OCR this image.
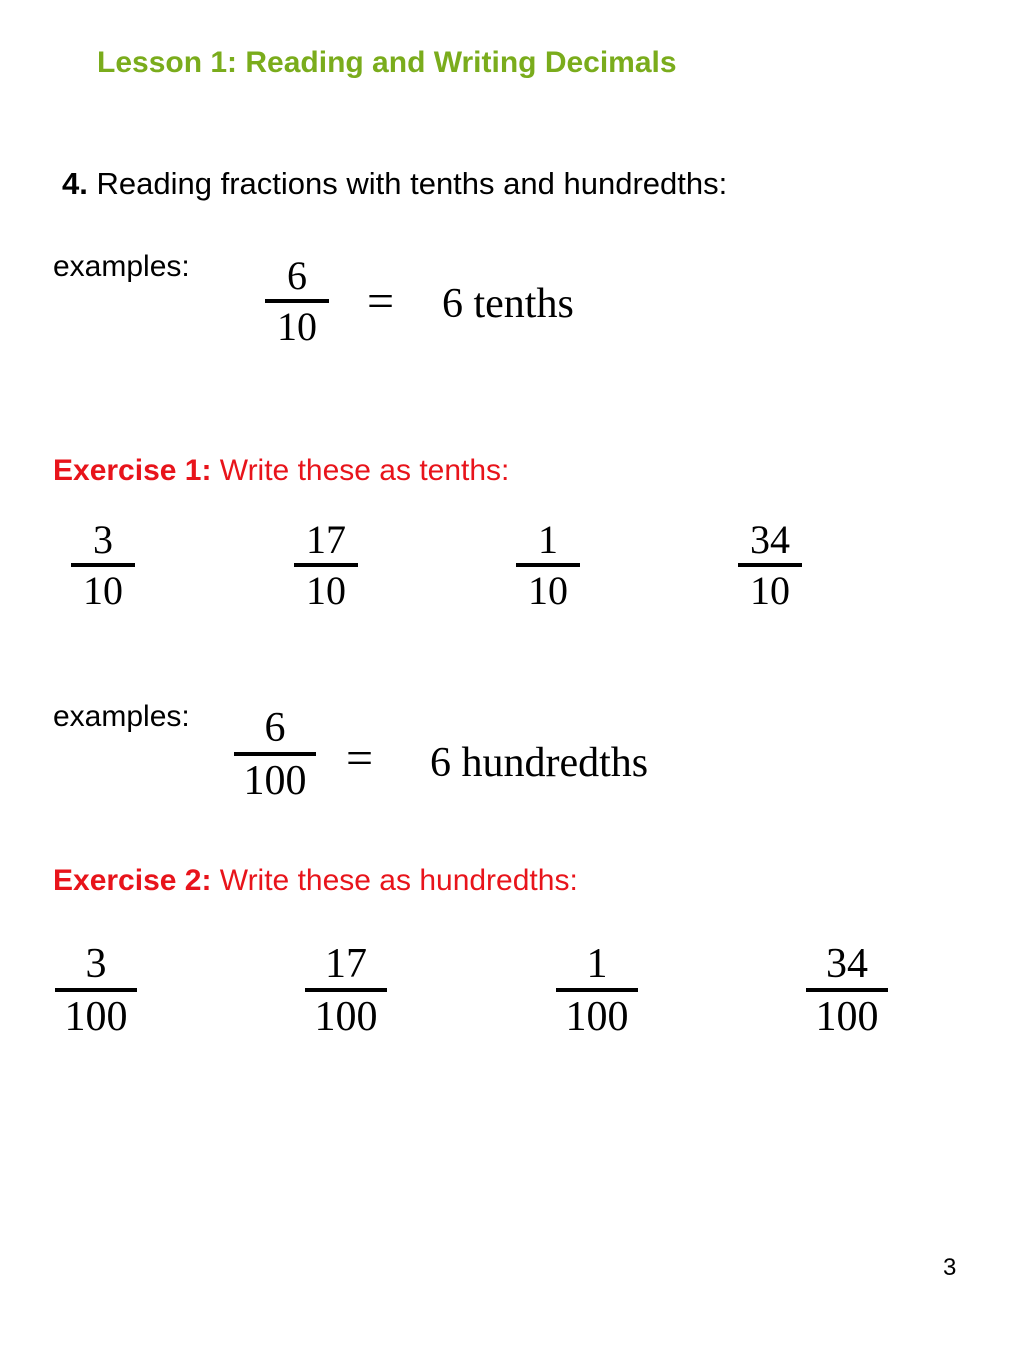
Lesson 1: Reading and Writing Decimals
4. Reading fractions with tenths and hundredths:
examples: 6
10 = 6 tenths
Exercise 1: Write these as tenths:
3
10
17
10
1
10
34
10
examples: 6
100 = 6 hundredths
Exercise 2: Write these as hundredths:
3
100
17
100
1
100
34
100
3
